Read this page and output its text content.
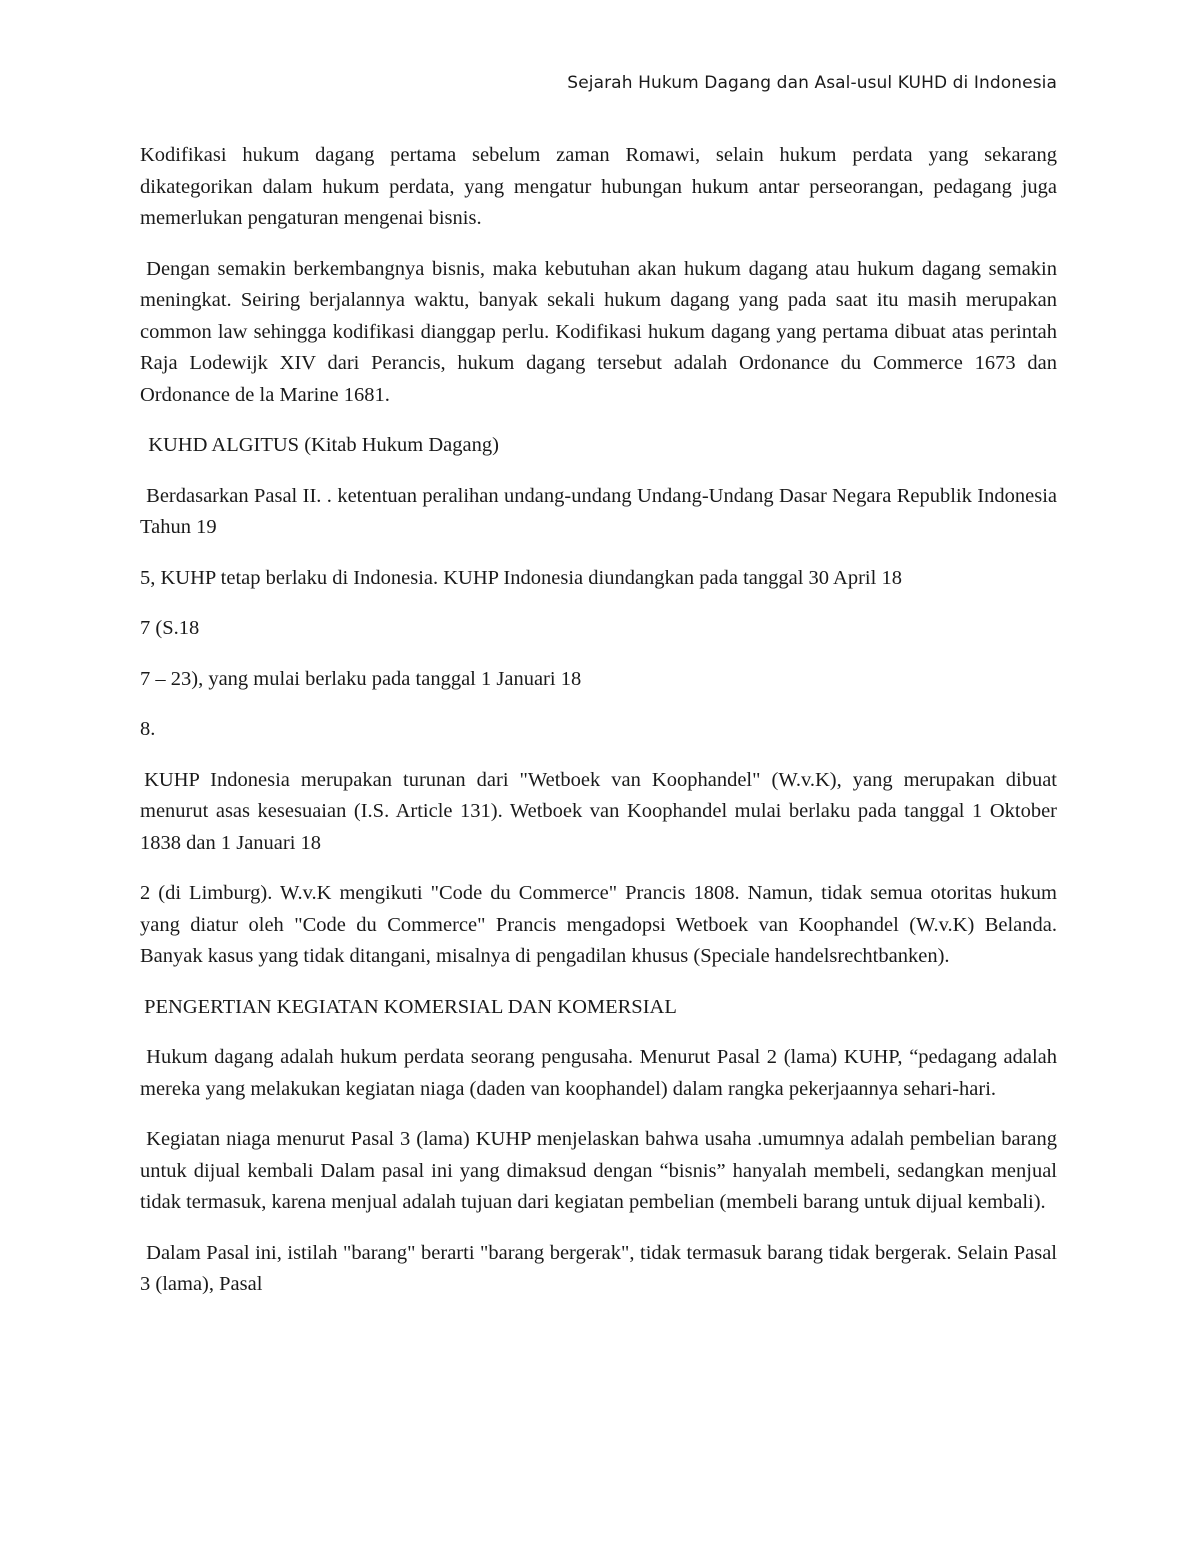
Sejarah Hukum Dagang dan Asal-usul KUHD di Indonesia

Kodifikasi hukum dagang pertama sebelum zaman Romawi, selain hukum perdata yang sekarang dikategorikan dalam hukum perdata, yang mengatur hubungan hukum antar perseorangan, pedagang juga memerlukan pengaturan mengenai bisnis.

Dengan semakin berkembangnya bisnis, maka kebutuhan akan hukum dagang atau hukum dagang semakin meningkat. Seiring berjalannya waktu, banyak sekali hukum dagang yang pada saat itu masih merupakan common law sehingga kodifikasi dianggap perlu. Kodifikasi hukum dagang yang pertama dibuat atas perintah Raja Lodewijk XIV dari Perancis, hukum dagang tersebut adalah Ordonance du Commerce 1673 dan Ordonance de la Marine 1681.

KUHD ALGITUS (Kitab Hukum Dagang)

Berdasarkan Pasal II. . ketentuan peralihan undang-undang Undang-Undang Dasar Negara Republik Indonesia Tahun 19

5, KUHP tetap berlaku di Indonesia. KUHP Indonesia diundangkan pada tanggal 30 April 18

7 (S.18

7 – 23), yang mulai berlaku pada tanggal 1 Januari 18

8.

KUHP Indonesia merupakan turunan dari "Wetboek van Koophandel" (W.v.K), yang merupakan dibuat menurut asas kesesuaian (I.S. Article 131). Wetboek van Koophandel mulai berlaku pada tanggal 1 Oktober 1838 dan 1 Januari 18

2 (di Limburg). W.v.K mengikuti "Code du Commerce" Prancis 1808. Namun, tidak semua otoritas hukum yang diatur oleh "Code du Commerce" Prancis mengadopsi Wetboek van Koophandel (W.v.K) Belanda. Banyak kasus yang tidak ditangani, misalnya di pengadilan khusus (Speciale handelsrechtbanken).

PENGERTIAN KEGIATAN KOMERSIAL DAN KOMERSIAL

Hukum dagang adalah hukum perdata seorang pengusaha. Menurut Pasal 2 (lama) KUHP, “pedagang adalah mereka yang melakukan kegiatan niaga (daden van koophandel) dalam rangka pekerjaannya sehari-hari.

Kegiatan niaga menurut Pasal 3 (lama) KUHP menjelaskan bahwa usaha .umumnya adalah pembelian barang untuk dijual kembali Dalam pasal ini yang dimaksud dengan “bisnis” hanyalah membeli, sedangkan menjual tidak termasuk, karena menjual adalah tujuan dari kegiatan pembelian (membeli barang untuk dijual kembali).

Dalam Pasal ini, istilah "barang" berarti "barang bergerak", tidak termasuk barang tidak bergerak. Selain Pasal 3 (lama), Pasal
